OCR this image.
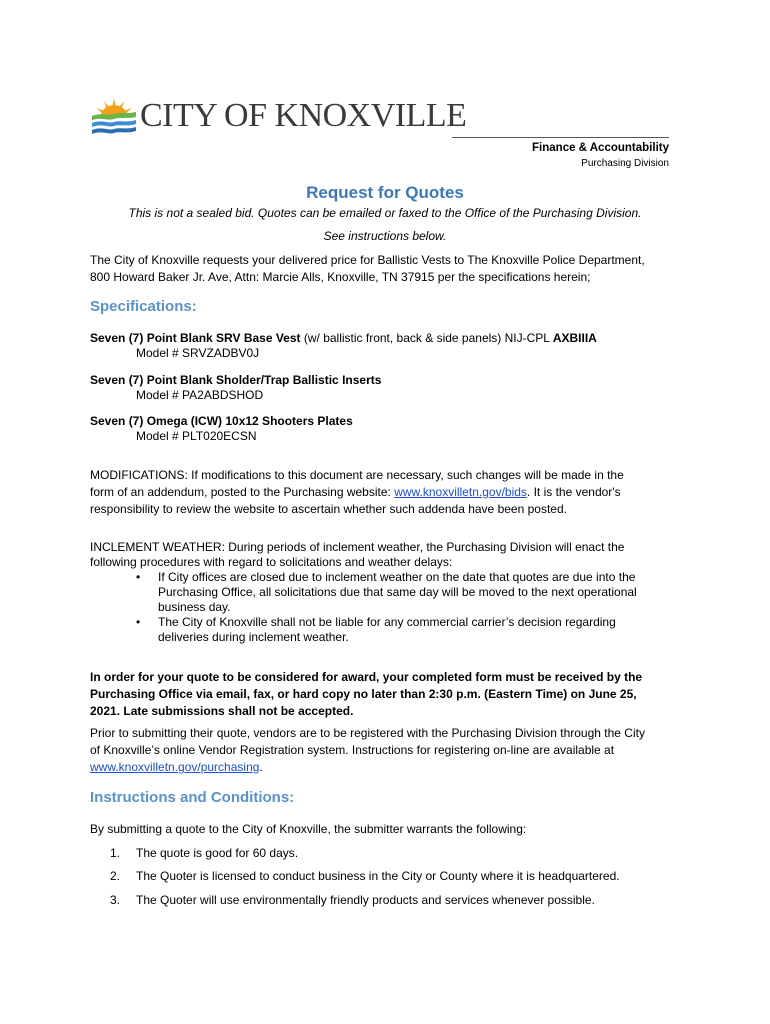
CITY OF KNOXVILLE
Finance & Accountability
Purchasing Division
Request for Quotes
This is not a sealed bid. Quotes can be emailed or faxed to the Office of the Purchasing Division.
See instructions below.
The City of Knoxville requests your delivered price for Ballistic Vests to The Knoxville Police Department,
800 Howard Baker Jr. Ave, Attn: Marcie Alls, Knoxville, TN 37915 per the specifications herein;
Specifications:
Seven (7) Point Blank SRV Base Vest (w/ ballistic front, back & side panels) NIJ-CPL AXBIIIA
Model # SRVZADBV0J
Seven (7) Point Blank Sholder/Trap Ballistic Inserts
Model # PA2ABDSHOD
Seven (7) Omega (ICW) 10x12 Shooters Plates
Model # PLT020ECSN
MODIFICATIONS: If modifications to this document are necessary, such changes will be made in the
form of an addendum, posted to the Purchasing website: www.knoxvilletn.gov/bids. It is the vendor's
responsibility to review the website to ascertain whether such addenda have been posted.
INCLEMENT WEATHER: During periods of inclement weather, the Purchasing Division will enact the
following procedures with regard to solicitations and weather delays:
• If City offices are closed due to inclement weather on the date that quotes are due into the
Purchasing Office, all solicitations due that same day will be moved to the next operational
business day.
• The City of Knoxville shall not be liable for any commercial carrier’s decision regarding
deliveries during inclement weather.
In order for your quote to be considered for award, your completed form must be received by the
Purchasing Office via email, fax, or hard copy no later than 2:30 p.m. (Eastern Time) on June 25,
2021. Late submissions shall not be accepted.
Prior to submitting their quote, vendors are to be registered with the Purchasing Division through the City
of Knoxville’s online Vendor Registration system. Instructions for registering on-line are available at
www.knoxvilletn.gov/purchasing.
Instructions and Conditions:
By submitting a quote to the City of Knoxville, the submitter warrants the following:
1. The quote is good for 60 days.
2. The Quoter is licensed to conduct business in the City or County where it is headquartered.
3. The Quoter will use environmentally friendly products and services whenever possible.
